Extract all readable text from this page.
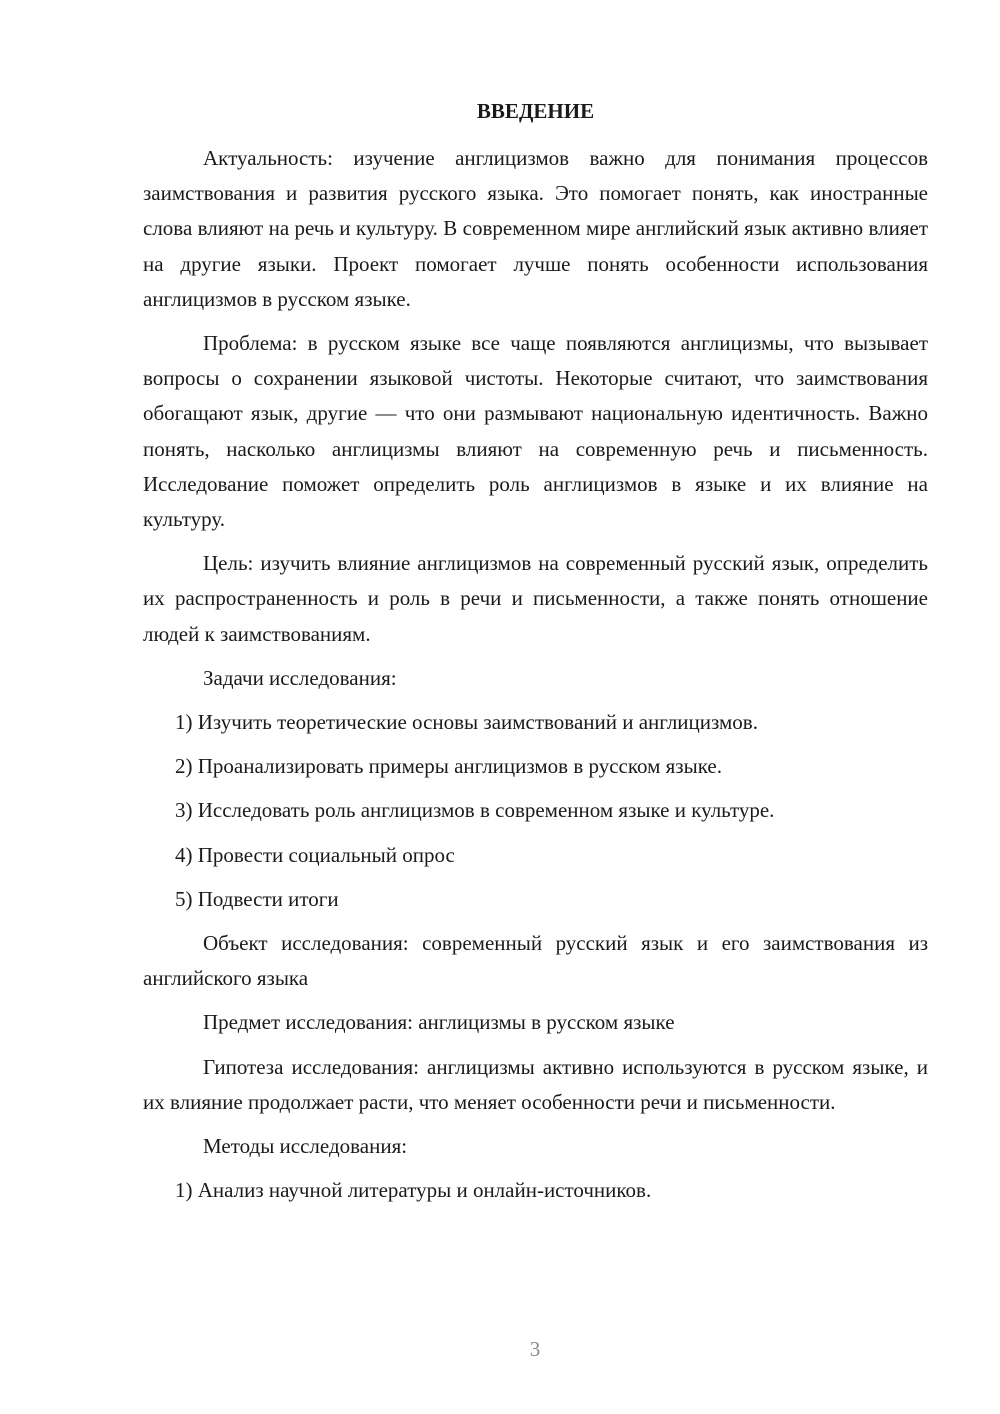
ВВЕДЕНИЕ

Актуальность: изучение англицизмов важно для понимания процессов заимствования и развития русского языка. Это помогает понять, как иностранные слова влияют на речь и культуру. В современном мире английский язык активно влияет на другие языки. Проект помогает лучше понять особенности использования англицизмов в русском языке.

Проблема: в русском языке все чаще появляются англицизмы, что вызывает вопросы о сохранении языковой чистоты. Некоторые считают, что заимствования обогащают язык, другие — что они размывают национальную идентичность. Важно понять, насколько англицизмы влияют на современную речь и письменность. Исследование поможет определить роль англицизмов в языке и их влияние на культуру.

Цель: изучить влияние англицизмов на современный русский язык, определить их распространенность и роль в речи и письменности, а также понять отношение людей к заимствованиям.

Задачи исследования:

1) Изучить теоретические основы заимствований и англицизмов.

2) Проанализировать примеры англицизмов в русском языке.

3) Исследовать роль англицизмов в современном языке и культуре.

4) Провести социальный опрос

5) Подвести итоги

Объект исследования: современный русский язык и его заимствования из английского языка

Предмет исследования: англицизмы в русском языке

Гипотеза исследования: англицизмы активно используются в русском языке, и их влияние продолжает расти, что меняет особенности речи и письменности.

Методы исследования:

1) Анализ научной литературы и онлайн-источников.

3
